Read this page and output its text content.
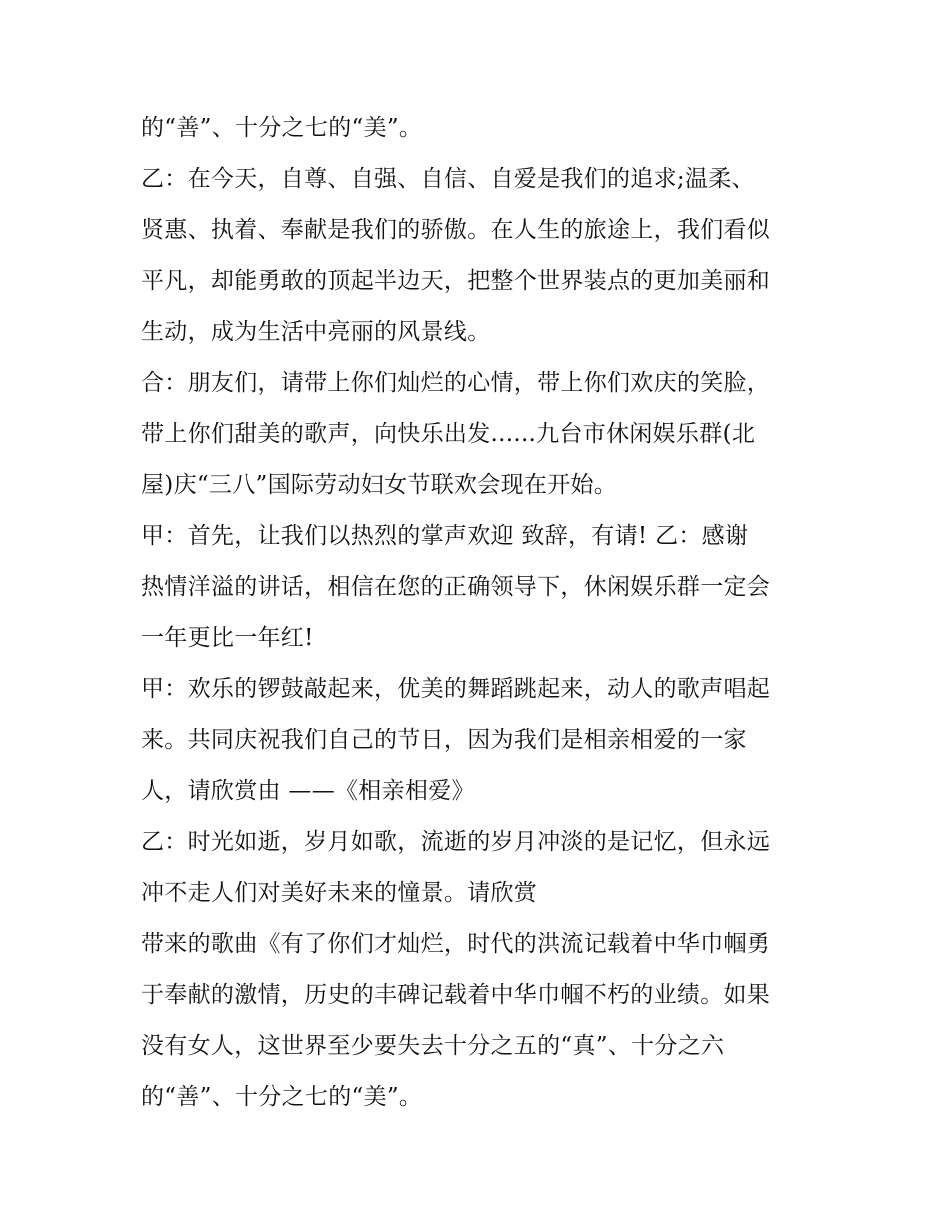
的“善”、十分之七的“美”。

乙：在今天，自尊、自强、自信、自爱是我们的追求;温柔、

贤惠、执着、奉献是我们的骄傲。在人生的旅途上，我们看似

平凡，却能勇敢的顶起半边天，把整个世界装点的更加美丽和

生动，成为生活中亮丽的风景线。

合：朋友们，请带上你们灿烂的心情，带上你们欢庆的笑脸，

带上你们甜美的歌声，向快乐出发......九台市休闲娱乐群(北

屋)庆“三八”国际劳动妇女节联欢会现在开始。

甲：首先，让我们以热烈的掌声欢迎 致辞，有请! 乙：感谢

热情洋溢的讲话，相信在您的正确领导下，休闲娱乐群一定会

一年更比一年红!

甲：欢乐的锣鼓敲起来，优美的舞蹈跳起来，动人的歌声唱起

来。共同庆祝我们自己的节日，因为我们是相亲相爱的一家

人，请欣赏由 ——《相亲相爱》

乙：时光如逝，岁月如歌，流逝的岁月冲淡的是记忆，但永远

冲不走人们对美好未来的憧景。请欣赏

带来的歌曲《有了你们才灿烂，时代的洪流记载着中华巾帼勇

于奉献的激情，历史的丰碑记载着中华巾帼不朽的业绩。如果

没有女人，这世界至少要失去十分之五的“真”、十分之六

的“善”、十分之七的“美”。
